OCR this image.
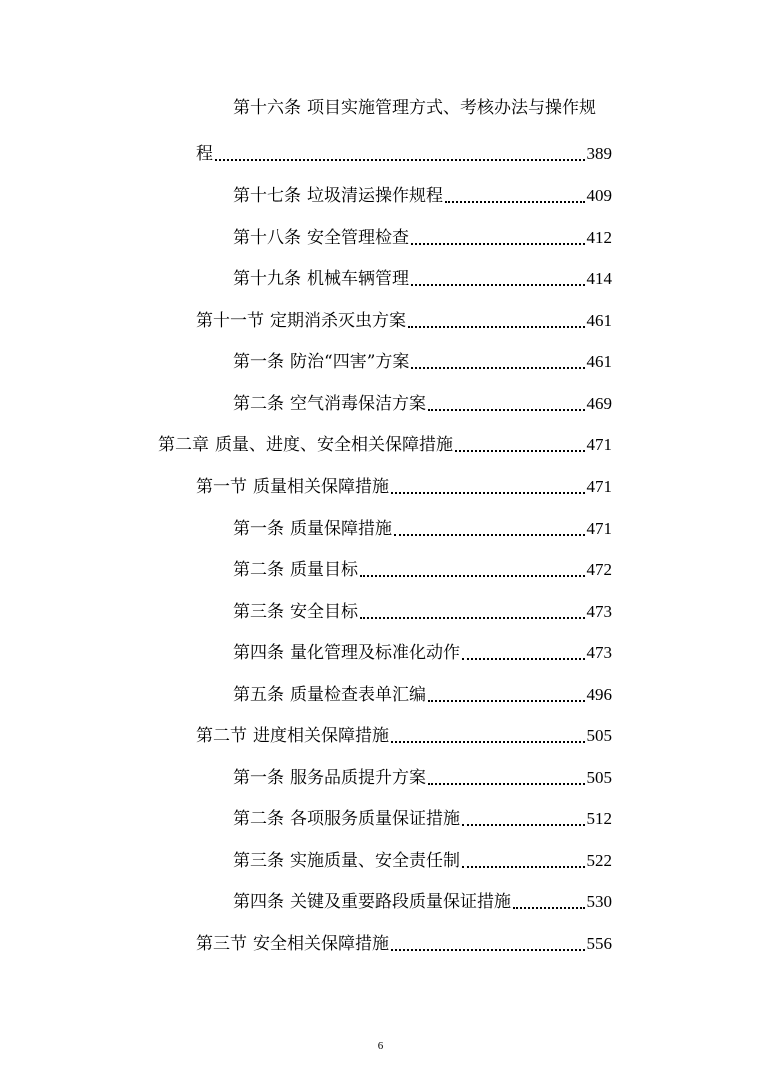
第十六条 项目实施管理方式、考核办法与操作规
程	389
第十七条 垃圾清运操作规程	409
第十八条 安全管理检查	412
第十九条 机械车辆管理	414
第十一节 定期消杀灭虫方案	461
第一条 防治“四害”方案	461
第二条 空气消毒保洁方案	469
第二章 质量、进度、安全相关保障措施	471
第一节 质量相关保障措施	471
第一条 质量保障措施	471
第二条 质量目标	472
第三条 安全目标	473
第四条 量化管理及标准化动作	473
第五条 质量检查表单汇编	496
第二节 进度相关保障措施	505
第一条 服务品质提升方案	505
第二条 各项服务质量保证措施	512
第三条 实施质量、安全责任制	522
第四条 关键及重要路段质量保证措施	530
第三节 安全相关保障措施	556
6
